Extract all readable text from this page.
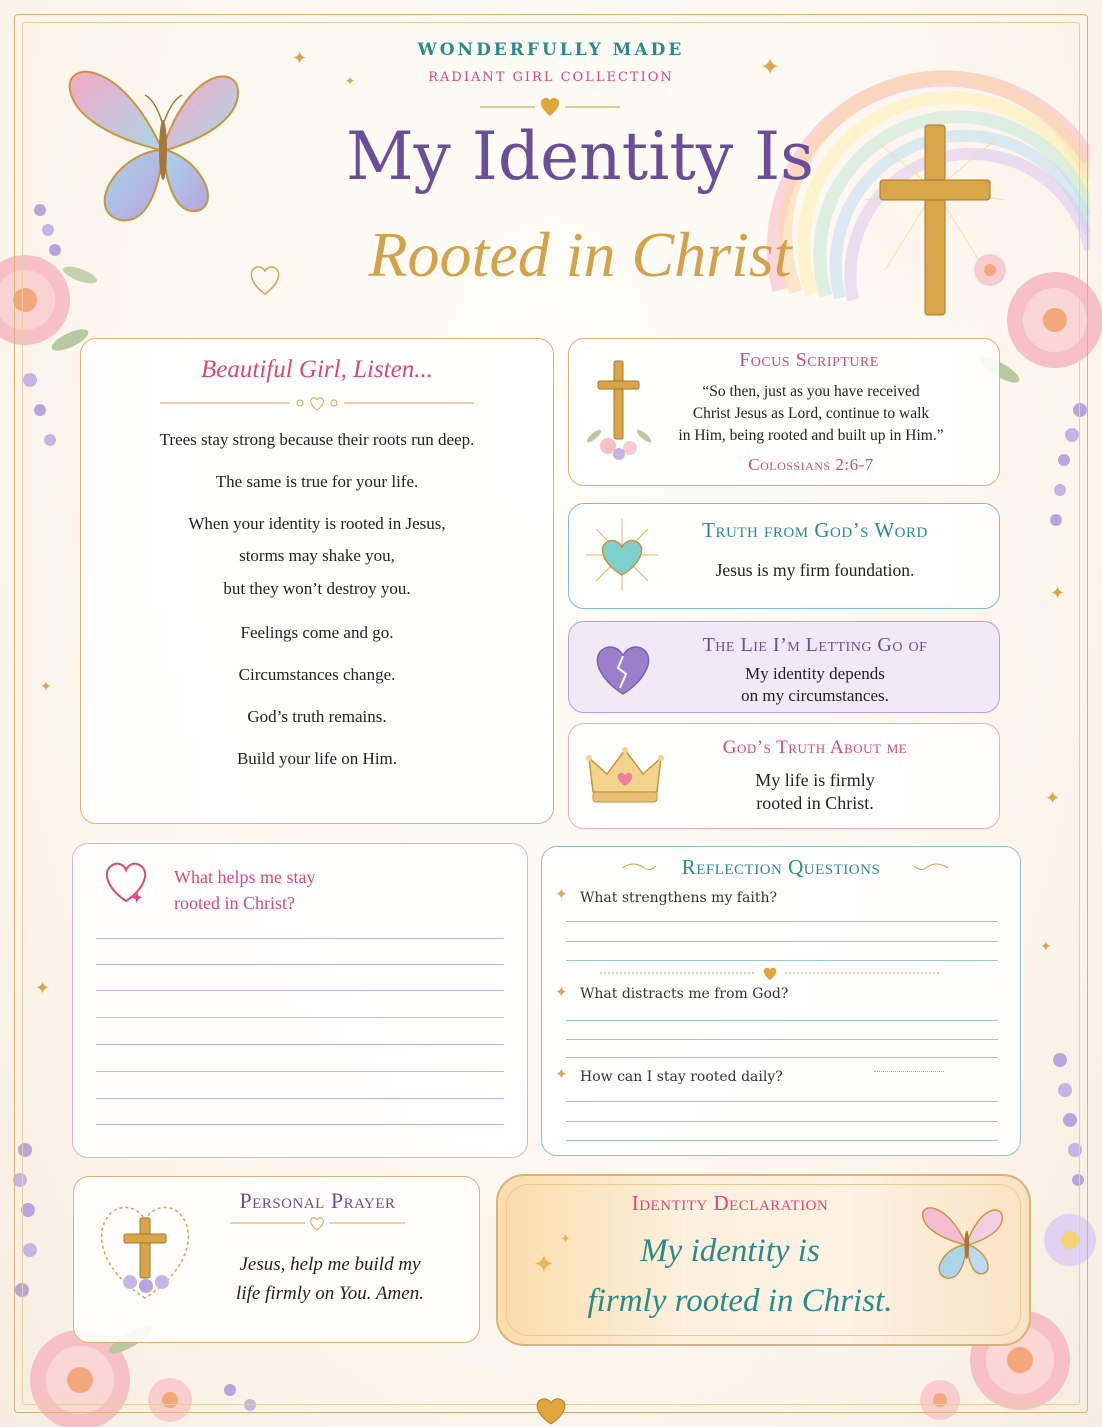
✦
✦	✦
✦
✦
✦
✦
✦
WONDERFULLY MADE
RADIANT GIRL COLLECTION
My Identity Is
Rooted in Christ
Beautiful Girl, Listen...
Trees stay strong because their roots run deep.
The same is true for your life.
When your identity is rooted in Jesus,
storms may shake you,
but they won’t destroy you.
Feelings come and go.
Circumstances change.
God’s truth remains.
Build your life on Him.
Focus Scripture
“So then, just as you have received
Christ Jesus as Lord, continue to walk
in Him, being rooted and built up in Him.”
Colossians 2:6-7
Truth from God’s Word
Jesus is my firm foundation.
The Lie I’m Letting Go of
My identity depends
on my circumstances.
God’s Truth About me
My life is firmly
rooted in Christ.
What helps me stay
rooted in Christ?
Reflection Questions
✦ What strengthens my faith?
✦ What distracts me from God?
✦ How can I stay rooted daily?
Personal Prayer
Jesus, help me build my
life firmly on You. Amen.
✦
✦
Identity Declaration
My identity is
firmly rooted in Christ.
